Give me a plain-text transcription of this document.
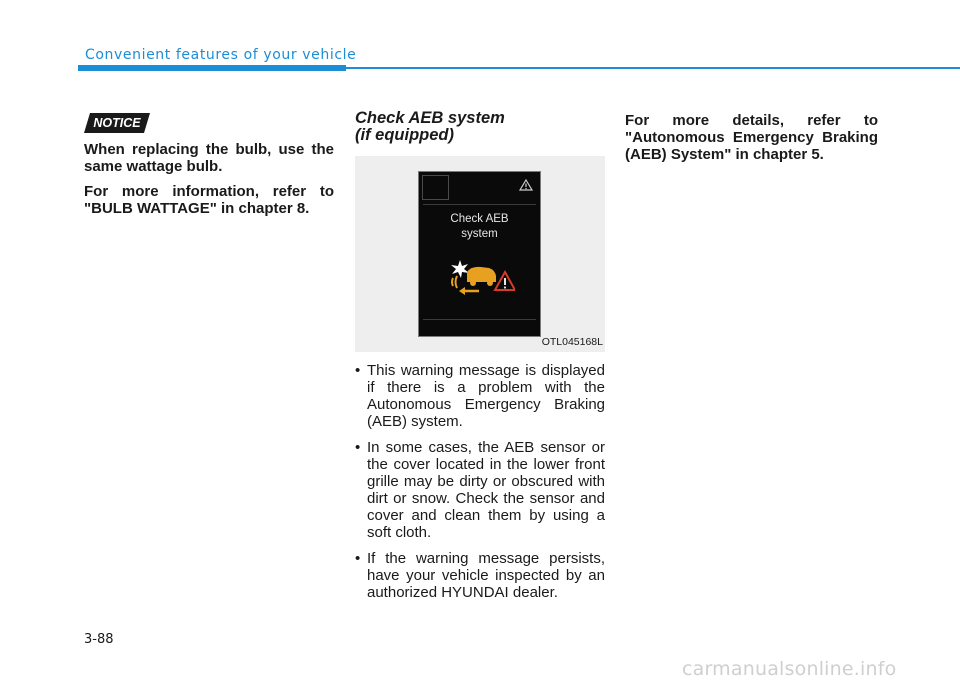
Convenient features of your vehicle
NOTICE

When replacing the bulb, use the same wattage bulb.

For more information, refer to "BULB WATTAGE" in chapter 8.

Check AEB system
(if equipped)

Check AEB
system
OTL045168L
• This warning message is displayed if there is a problem with the Autonomous Emergency Braking (AEB) system.
• In some cases, the AEB sensor or the cover located in the lower front grille may be dirty or obscured with dirt or snow. Check the sensor and cover and clean them by using a soft cloth.
• If the warning message persists, have your vehicle inspected by an authorized HYUNDAI dealer.

For more details, refer to "Autonomous Emergency Braking (AEB) System" in chapter 5.

3-88
carmanualsonline.info
